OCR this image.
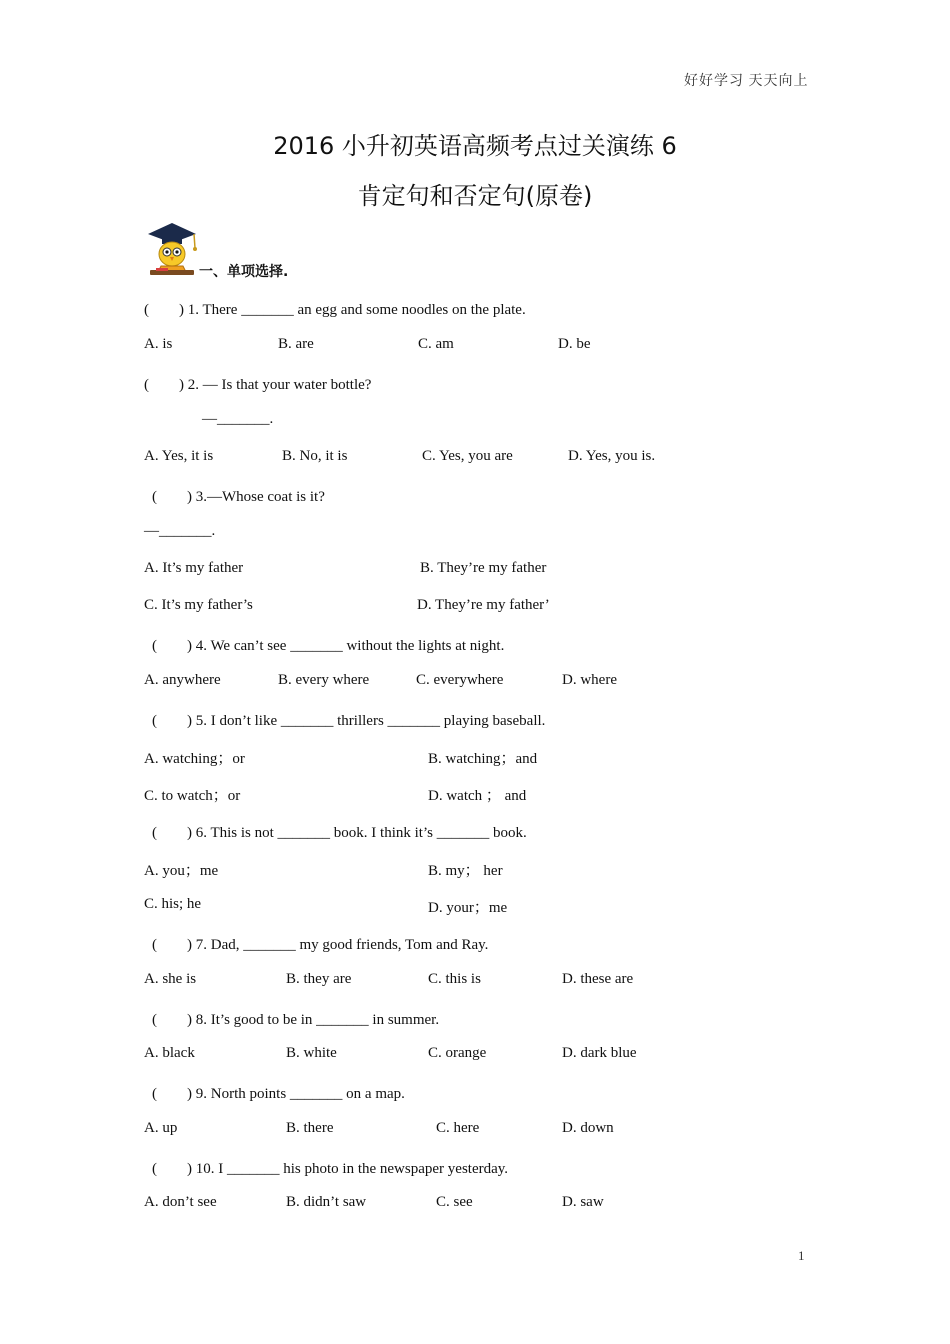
好好学习 天天向上
2016 小升初英语高频考点过关演练 6
肯定句和否定句(原卷)
一、单项选择.
(　　) 1. There _______ an egg and some noodles on the plate.
A. is	B. are	C. am	D. be
(　　) 2. — Is that your water bottle?
—_______.
A. Yes, it is	B. No, it is	C. Yes, you are	D. Yes, you is.
(　　) 3.—Whose coat is it?
—_______.
A. It’s my father	B. They’re my father
C. It’s my father’s	D. They’re my father’
(　　) 4. We can’t see _______ without the lights at night.
A. anywhere	B. every where	C. everywhere	D. where
(　　) 5. I don’t like _______ thrillers _______ playing baseball.
A. watching；or	B. watching；and
C. to watch；or	D. watch ； and
(　　) 6. This is not _______ book. I think it’s _______ book.
A. you；me	B. my； her
C. his; he	D. your；me
(　　) 7. Dad, _______ my good friends, Tom and Ray.
A. she is	B. they are	C. this is	D. these are
(　　) 8. It’s good to be in _______ in summer.
A. black	B. white	C. orange	D. dark blue
(　　) 9. North points _______ on a map.
A. up	B. there	C. here	D. down
(　　) 10. I _______ his photo in the newspaper yesterday.
A. don’t see	B. didn’t saw	C. see	D. saw
1
